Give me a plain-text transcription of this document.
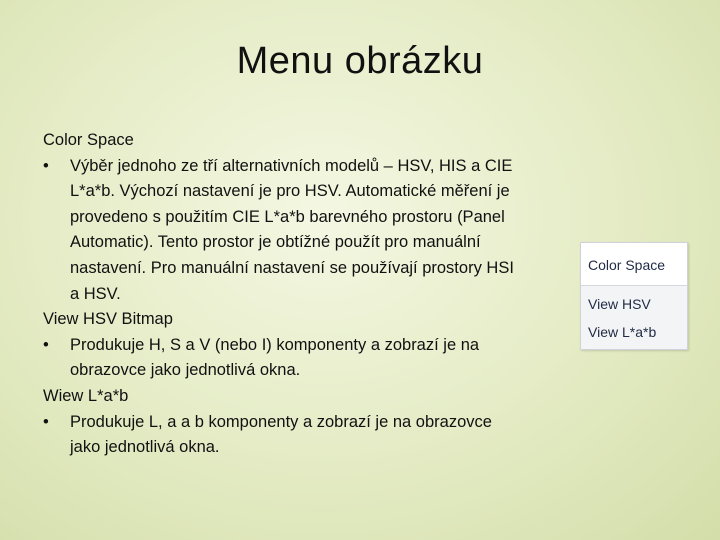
Menu obrázku

Color Space

•	Výběr jednoho ze tří alternativních modelů – HSV, HIS a CIE
L*a*b. Výchozí nastavení je pro HSV. Automatické měření je
provedeno s použitím CIE L*a*b barevného prostoru (Panel
Automatic). Tento prostor je obtížné použít pro manuální
nastavení. Pro manuální nastavení se používají prostory HSI
a HSV.

View HSV Bitmap

•	Produkuje H, S a V (nebo I) komponenty a zobrazí je na
obrazovce jako jednotlivá okna.

Wiew L*a*b

•	Produkuje L, a a b komponenty a zobrazí je na obrazovce
jako jednotlivá okna.
Color Space
View HSV
View L*a*b
